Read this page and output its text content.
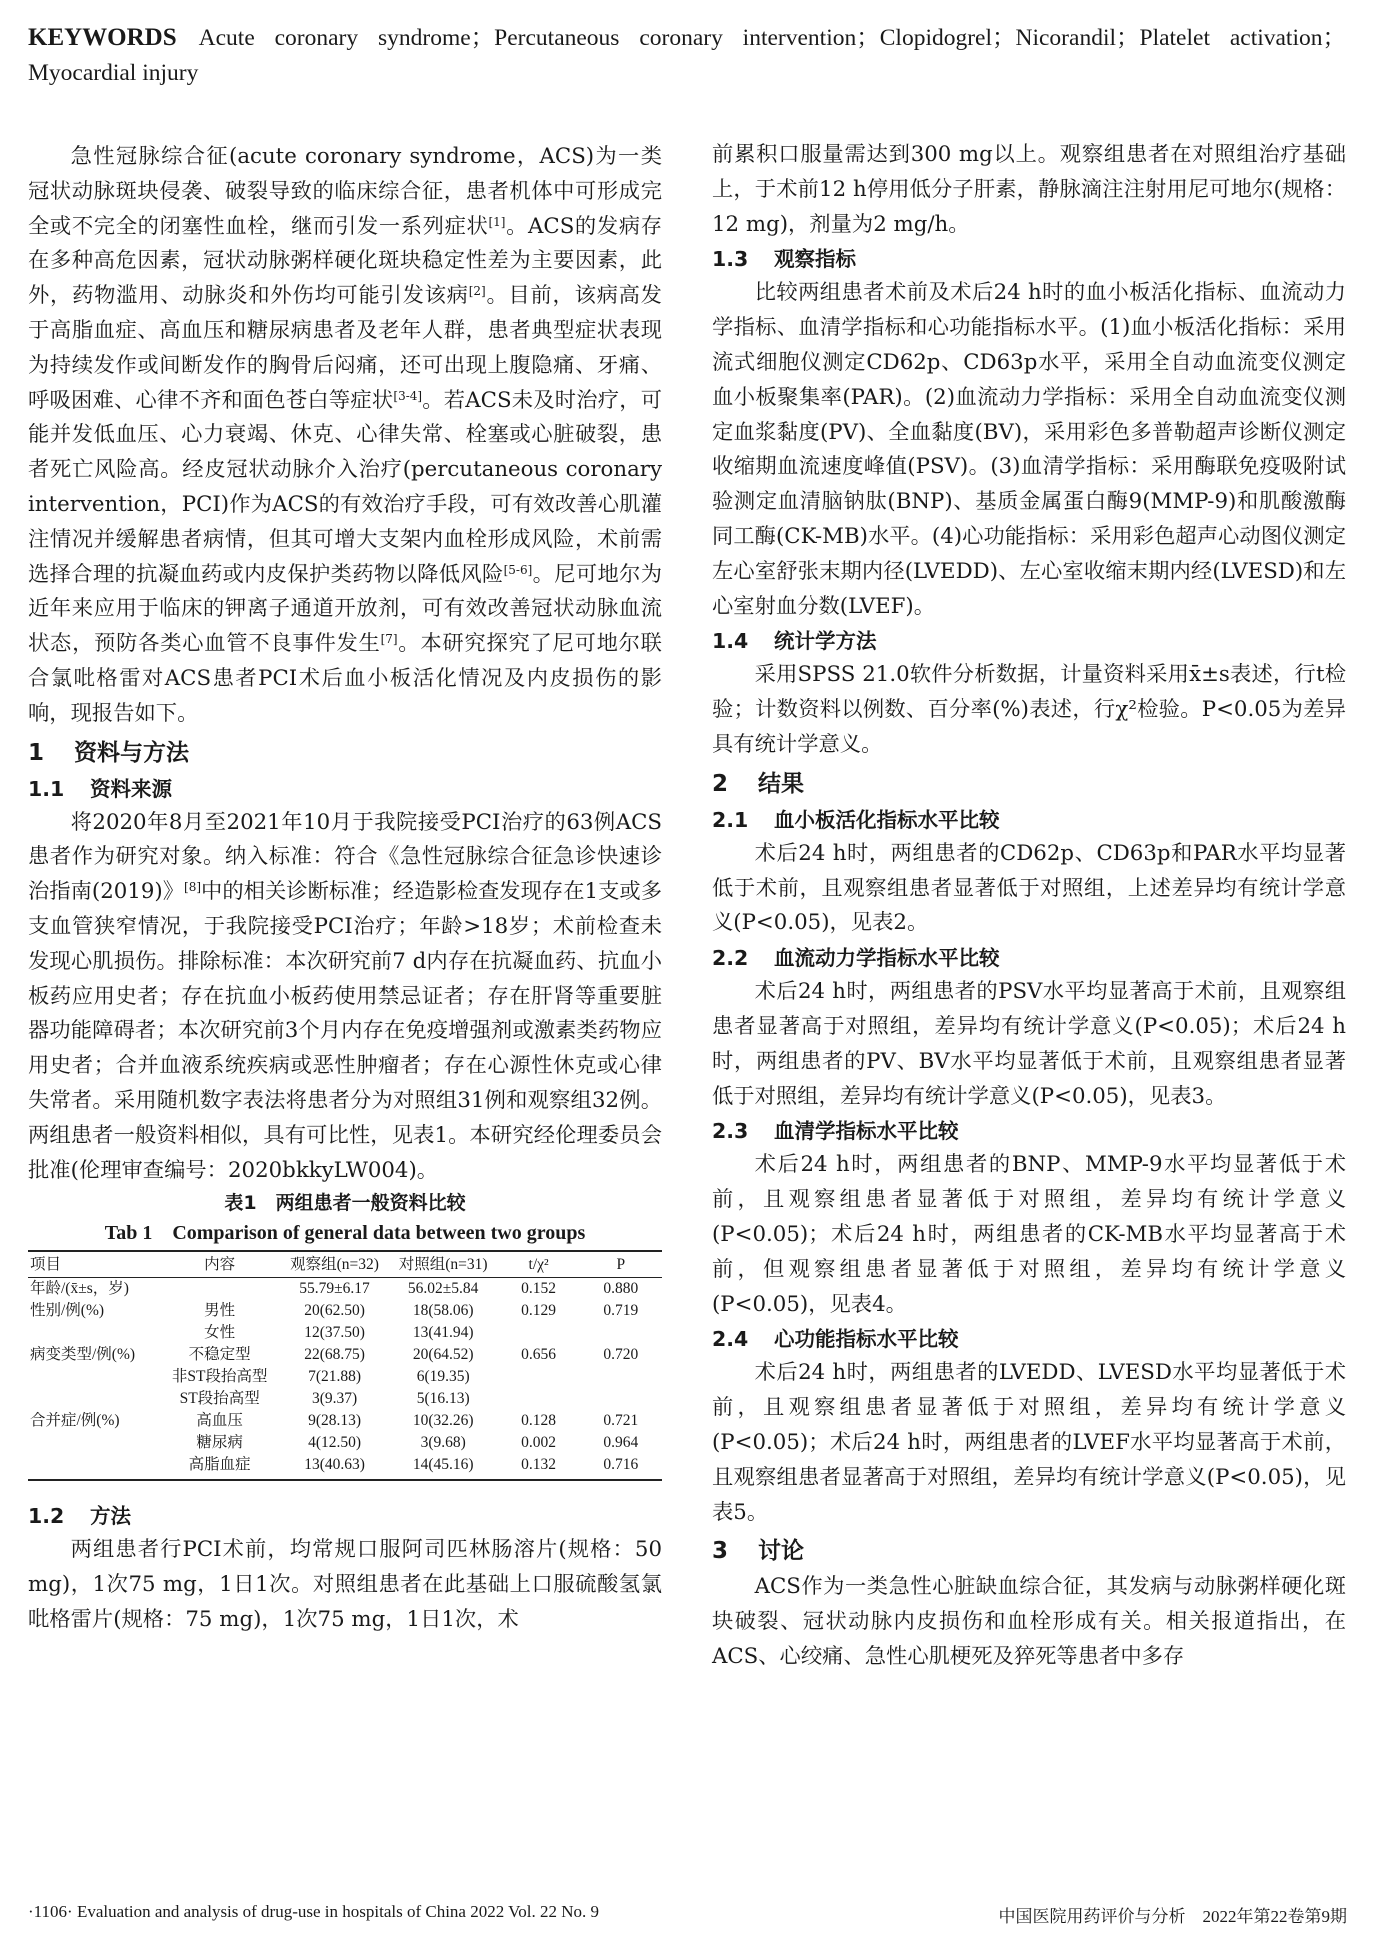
KEYWORDS Acute coronary syndrome；Percutaneous coronary intervention；Clopidogrel；Nicorandil；Platelet activation；Myocardial injury

急性冠脉综合征(acute coronary syndrome，ACS)为一类冠状动脉斑块侵袭、破裂导致的临床综合征，患者机体中可形成完全或不完全的闭塞性血栓，继而引发一系列症状[1]。ACS的发病存在多种高危因素，冠状动脉粥样硬化斑块稳定性差为主要因素，此外，药物滥用、动脉炎和外伤均可能引发该病[2]。目前，该病高发于高脂血症、高血压和糖尿病患者及老年人群，患者典型症状表现为持续发作或间断发作的胸骨后闷痛，还可出现上腹隐痛、牙痛、呼吸困难、心律不齐和面色苍白等症状[3-4]。若ACS未及时治疗，可能并发低血压、心力衰竭、休克、心律失常、栓塞或心脏破裂，患者死亡风险高。经皮冠状动脉介入治疗(percutaneous coronary intervention，PCI)作为ACS的有效治疗手段，可有效改善心肌灌注情况并缓解患者病情，但其可增大支架内血栓形成风险，术前需选择合理的抗凝血药或内皮保护类药物以降低风险[5-6]。尼可地尔为近年来应用于临床的钾离子通道开放剂，可有效改善冠状动脉血流状态，预防各类心血管不良事件发生[7]。本研究探究了尼可地尔联合氯吡格雷对ACS患者PCI术后血小板活化情况及内皮损伤的影响，现报告如下。

1 资料与方法
1.1 资料来源

将2020年8月至2021年10月于我院接受PCI治疗的63例ACS患者作为研究对象。纳入标准：符合《急性冠脉综合征急诊快速诊治指南(2019)》[8]中的相关诊断标准；经造影检查发现存在1支或多支血管狭窄情况，于我院接受PCI治疗；年龄>18岁；术前检查未发现心肌损伤。排除标准：本次研究前7 d内存在抗凝血药、抗血小板药应用史者；存在抗血小板药使用禁忌证者；存在肝肾等重要脏器功能障碍者；本次研究前3个月内存在免疫增强剂或激素类药物应用史者；合并血液系统疾病或恶性肿瘤者；存在心源性休克或心律失常者。采用随机数字表法将患者分为对照组31例和观察组32例。两组患者一般资料相似，具有可比性，见表1。本研究经伦理委员会批准(伦理审查编号：2020bkkyLW004)。

表1　两组患者一般资料比较
Tab 1　Comparison of general data between two groups
项目	内容	观察组(n=32)	对照组(n=31)	t/χ²	P
年龄/(x̄±s，岁)		55.79±6.17	56.02±5.84	0.152	0.880
性别/例(%)	男性	20(62.50)	18(58.06)	0.129	0.719
	女性	12(37.50)	13(41.94)		
病变类型/例(%)	不稳定型	22(68.75)	20(64.52)	0.656	0.720
	非ST段抬高型	7(21.88)	6(19.35)		
	ST段抬高型	3(9.37)	5(16.13)		
合并症/例(%)	高血压	9(28.13)	10(32.26)	0.128	0.721
	糖尿病	4(12.50)	3(9.68)	0.002	0.964
	高脂血症	13(40.63)	14(45.16)	0.132	0.716
1.2 方法

两组患者行PCI术前，均常规口服阿司匹林肠溶片(规格：50 mg)，1次75 mg，1日1次。对照组患者在此基础上口服硫酸氢氯吡格雷片(规格：75 mg)，1次75 mg，1日1次，术

前累积口服量需达到300 mg以上。观察组患者在对照组治疗基础上，于术前12 h停用低分子肝素，静脉滴注注射用尼可地尔(规格：12 mg)，剂量为2 mg/h。

1.3 观察指标

比较两组患者术前及术后24 h时的血小板活化指标、血流动力学指标、血清学指标和心功能指标水平。(1)血小板活化指标：采用流式细胞仪测定CD62p、CD63p水平，采用全自动血流变仪测定血小板聚集率(PAR)。(2)血流动力学指标：采用全自动血流变仪测定血浆黏度(PV)、全血黏度(BV)，采用彩色多普勒超声诊断仪测定收缩期血流速度峰值(PSV)。(3)血清学指标：采用酶联免疫吸附试验测定血清脑钠肽(BNP)、基质金属蛋白酶9(MMP-9)和肌酸激酶同工酶(CK-MB)水平。(4)心功能指标：采用彩色超声心动图仪测定左心室舒张末期内径(LVEDD)、左心室收缩末期内经(LVESD)和左心室射血分数(LVEF)。

1.4 统计学方法

采用SPSS 21.0软件分析数据，计量资料采用x̄±s表述，行t检验；计数资料以例数、百分率(%)表述，行χ²检验。P<0.05为差异具有统计学意义。

2 结果
2.1 血小板活化指标水平比较

术后24 h时，两组患者的CD62p、CD63p和PAR水平均显著低于术前，且观察组患者显著低于对照组，上述差异均有统计学意义(P<0.05)，见表2。

2.2 血流动力学指标水平比较

术后24 h时，两组患者的PSV水平均显著高于术前，且观察组患者显著高于对照组，差异均有统计学意义(P<0.05)；术后24 h时，两组患者的PV、BV水平均显著低于术前，且观察组患者显著低于对照组，差异均有统计学意义(P<0.05)，见表3。

2.3 血清学指标水平比较

术后24 h时，两组患者的BNP、MMP-9水平均显著低于术前，且观察组患者显著低于对照组，差异均有统计学意义(P<0.05)；术后24 h时，两组患者的CK-MB水平均显著高于术前，但观察组患者显著低于对照组，差异均有统计学意义(P<0.05)，见表4。

2.4 心功能指标水平比较

术后24 h时，两组患者的LVEDD、LVESD水平均显著低于术前，且观察组患者显著低于对照组，差异均有统计学意义(P<0.05)；术后24 h时，两组患者的LVEF水平均显著高于术前，且观察组患者显著高于对照组，差异均有统计学意义(P<0.05)，见表5。

3 讨论

ACS作为一类急性心脏缺血综合征，其发病与动脉粥样硬化斑块破裂、冠状动脉内皮损伤和血栓形成有关。相关报道指出，在ACS、心绞痛、急性心肌梗死及猝死等患者中多存

·1106· Evaluation and analysis of drug-use in hospitals of China 2022 Vol. 22 No. 9	中国医院用药评价与分析　2022年第22卷第9期
